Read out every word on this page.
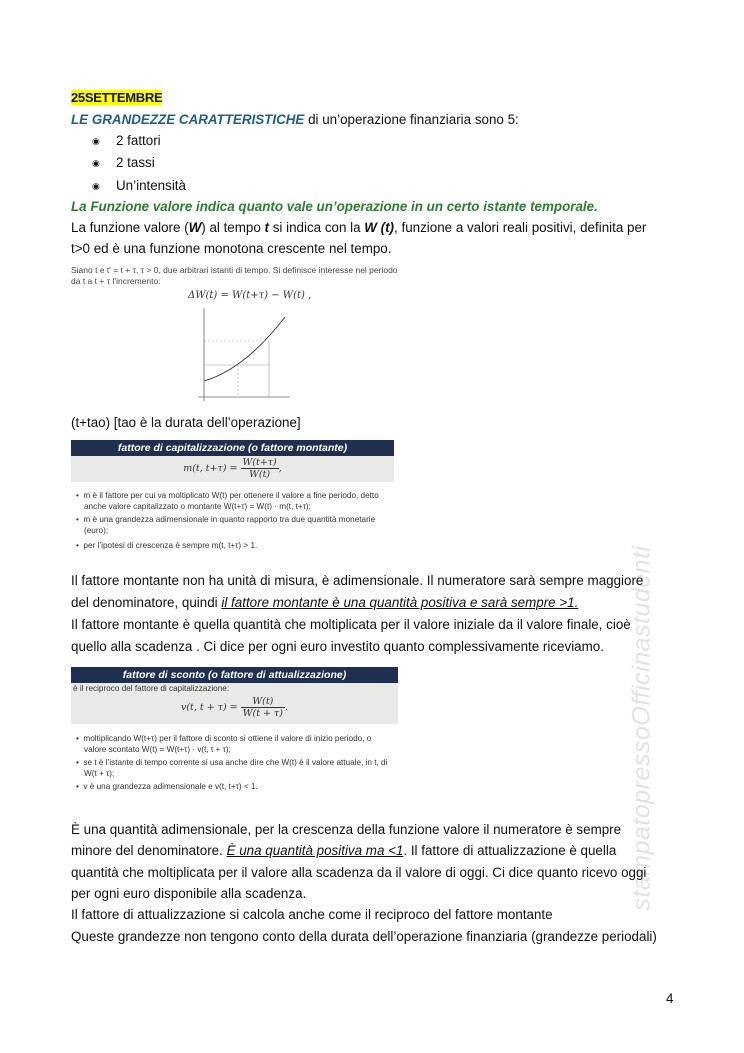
stampatopressoOfficinastudenti
25SETTEMBRE
LE GRANDEZZE CARATTERISTICHE di un’operazione finanziaria sono 5:
◉ 2 fattori
◉ 2 tassi
◉ Un’intensità
La Funzione valore indica quanto vale un’operazione in un certo istante temporale.
La funzione valore (W) al tempo t si indica con la W (t), funzione a valori reali positivi, definita per
t>0 ed è una funzione monotona crescente nel tempo.
Siano t e t′ = t + τ, τ > 0, due arbitrari istanti di tempo. Si definisce interesse nel periodo
da t a t + τ l’incremento:
ΔW(t) = W(t+τ) − W(t) ,
(t+tao) [tao è la durata dell’operazione]
fattore di capitalizzazione (o fattore montante)
m(t, $t+\tau) = \frac{W(t+\tau)}{W(t)}$ ,
•  m è il fattore per cui va moltiplicato W(t) per ottenere il valore a fine periodo, detto
anche valore capitalizzato o montante W(t+τ) = W(t) · m(t, t+τ);
•  m è una grandezza adimensionale in quanto rapporto tra due quantità monetarie
(euro);
•  per l’ipotesi di crescenza è sempre m(t, t+τ) > 1.
Il fattore montante non ha unità di misura, è adimensionale. Il numeratore sarà sempre maggiore
del denominatore, quindi il fattore montante è una quantità positiva e sarà sempre >1.
Il fattore montante è quella quantità che moltiplicata per il valore iniziale da il valore finale, cioè
quello alla scadenza . Ci dice per ogni euro investito quanto complessivamente riceviamo.
fattore di sconto (o fattore di attualizzazione)
è il reciproco del fattore di capitalizzazione:
v(t, $t + \tau) = \frac{W(t)}{W(t + \tau)}$ .
•  moltiplicando W(t+τ) per il fattore di sconto si ottiene il valore di inizio periodo, o
valore scontato W(t) = W(t+τ) · v(t, t + τ);
•  se t è l’istante di tempo corrente si usa anche dire che W(t) è il valore attuale, in t, di
W(t + τ);
•  v è una grandezza adimensionale e v(t, t+τ) < 1.
È una quantità adimensionale, per la crescenza della funzione valore il numeratore è sempre
minore del denominatore. È una quantità positiva ma <1. Il fattore di attualizzazione è quella
quantità che moltiplicata per il valore alla scadenza da il valore di oggi. Ci dice quanto ricevo oggi
per ogni euro disponibile alla scadenza.
Il fattore di attualizzazione si calcola anche come il reciproco del fattore montante
Queste grandezze non tengono conto della durata dell’operazione finanziaria (grandezze periodali)
4
